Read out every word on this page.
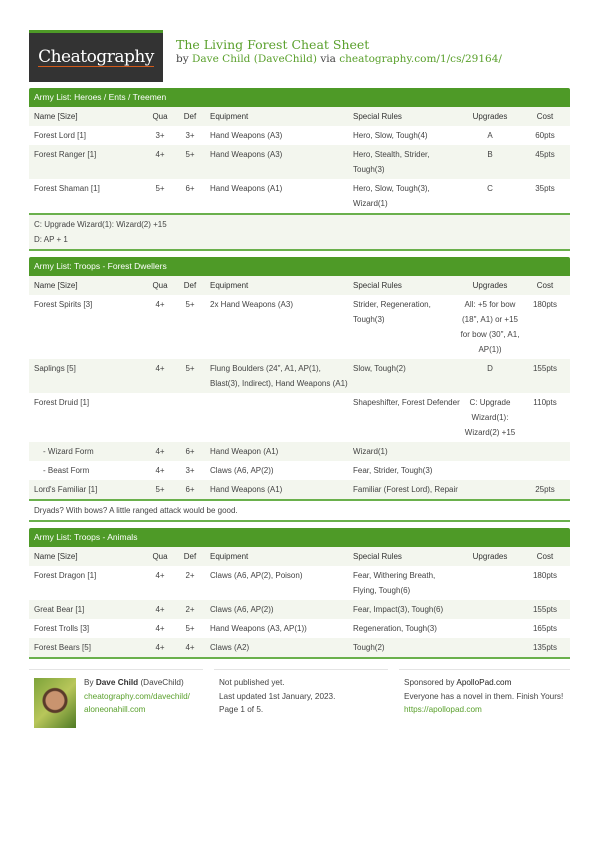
Cheatography
The Living Forest Cheat Sheet
by Dave Child (DaveChild) via cheatography.com/1/cs/29164/
Army List: Heroes / Ents / Treemen
Name [Size]	Qua	Def	Equipment	Special Rules	Upgrades	Cost
Forest Lord [1]	3+	3+	Hand Weapons (A3)	Hero, Slow, Tough(4)	A	60pts
Forest Ranger [1]	4+	5+	Hand Weapons (A3)	Hero, Stealth, Strider, Tough(3)	B	45pts
Forest Shaman [1]	5+	6+	Hand Weapons (A1)	Hero, Slow, Tough(3), Wizard(1)	C	35pts
C: Upgrade Wizard(1): Wizard(2) +15
D: AP + 1
Army List: Troops - Forest Dwellers
Name [Size]	Qua	Def	Equipment	Special Rules	Upgrades	Cost
Forest Spirits [3]	4+	5+	2x Hand Weapons (A3)	Strider, Regeneration, Tough(3)	All: +5 for bow (18", A1) or +15 for bow (30", A1, AP(1))	180pts
Saplings [5]	4+	5+	Flung Boulders (24", A1, AP(1), Blast(3), Indirect), Hand Weapons (A1)	Slow, Tough(2)	D	155pts
Forest Druid [1]				Shapeshifter, Forest Defender	C: Upgrade Wizard(1): Wizard(2) +15	110pts
- Wizard Form	4+	6+	Hand Weapon (A1)	Wizard(1)		
- Beast Form	4+	3+	Claws (A6, AP(2))	Fear, Strider, Tough(3)		
Lord's Familiar [1]	5+	6+	Hand Weapons (A1)	Familiar (Forest Lord), Repair		25pts
Dryads? With bows? A little ranged attack would be good.
Army List: Troops - Animals
Name [Size]	Qua	Def	Equipment	Special Rules	Upgrades	Cost
Forest Dragon [1]	4+	2+	Claws (A6, AP(2), Poison)	Fear, Withering Breath, Flying, Tough(6)		180pts
Great Bear [1]	4+	2+	Claws (A6, AP(2))	Fear, Impact(3), Tough(6)		155pts
Forest Trolls [3]	4+	5+	Hand Weapons (A3, AP(1))	Regeneration, Tough(3)		165pts
Forest Bears [5]	4+	4+	Claws (A2)	Tough(2)		135pts
By Dave Child (DaveChild)
cheatography.com/davechild/
aloneonahill.com
Not published yet.
Last updated 1st January, 2023.
Page 1 of 5.
Sponsored by ApolloPad.com
Everyone has a novel in them. Finish Yours!
https://apollopad.com
